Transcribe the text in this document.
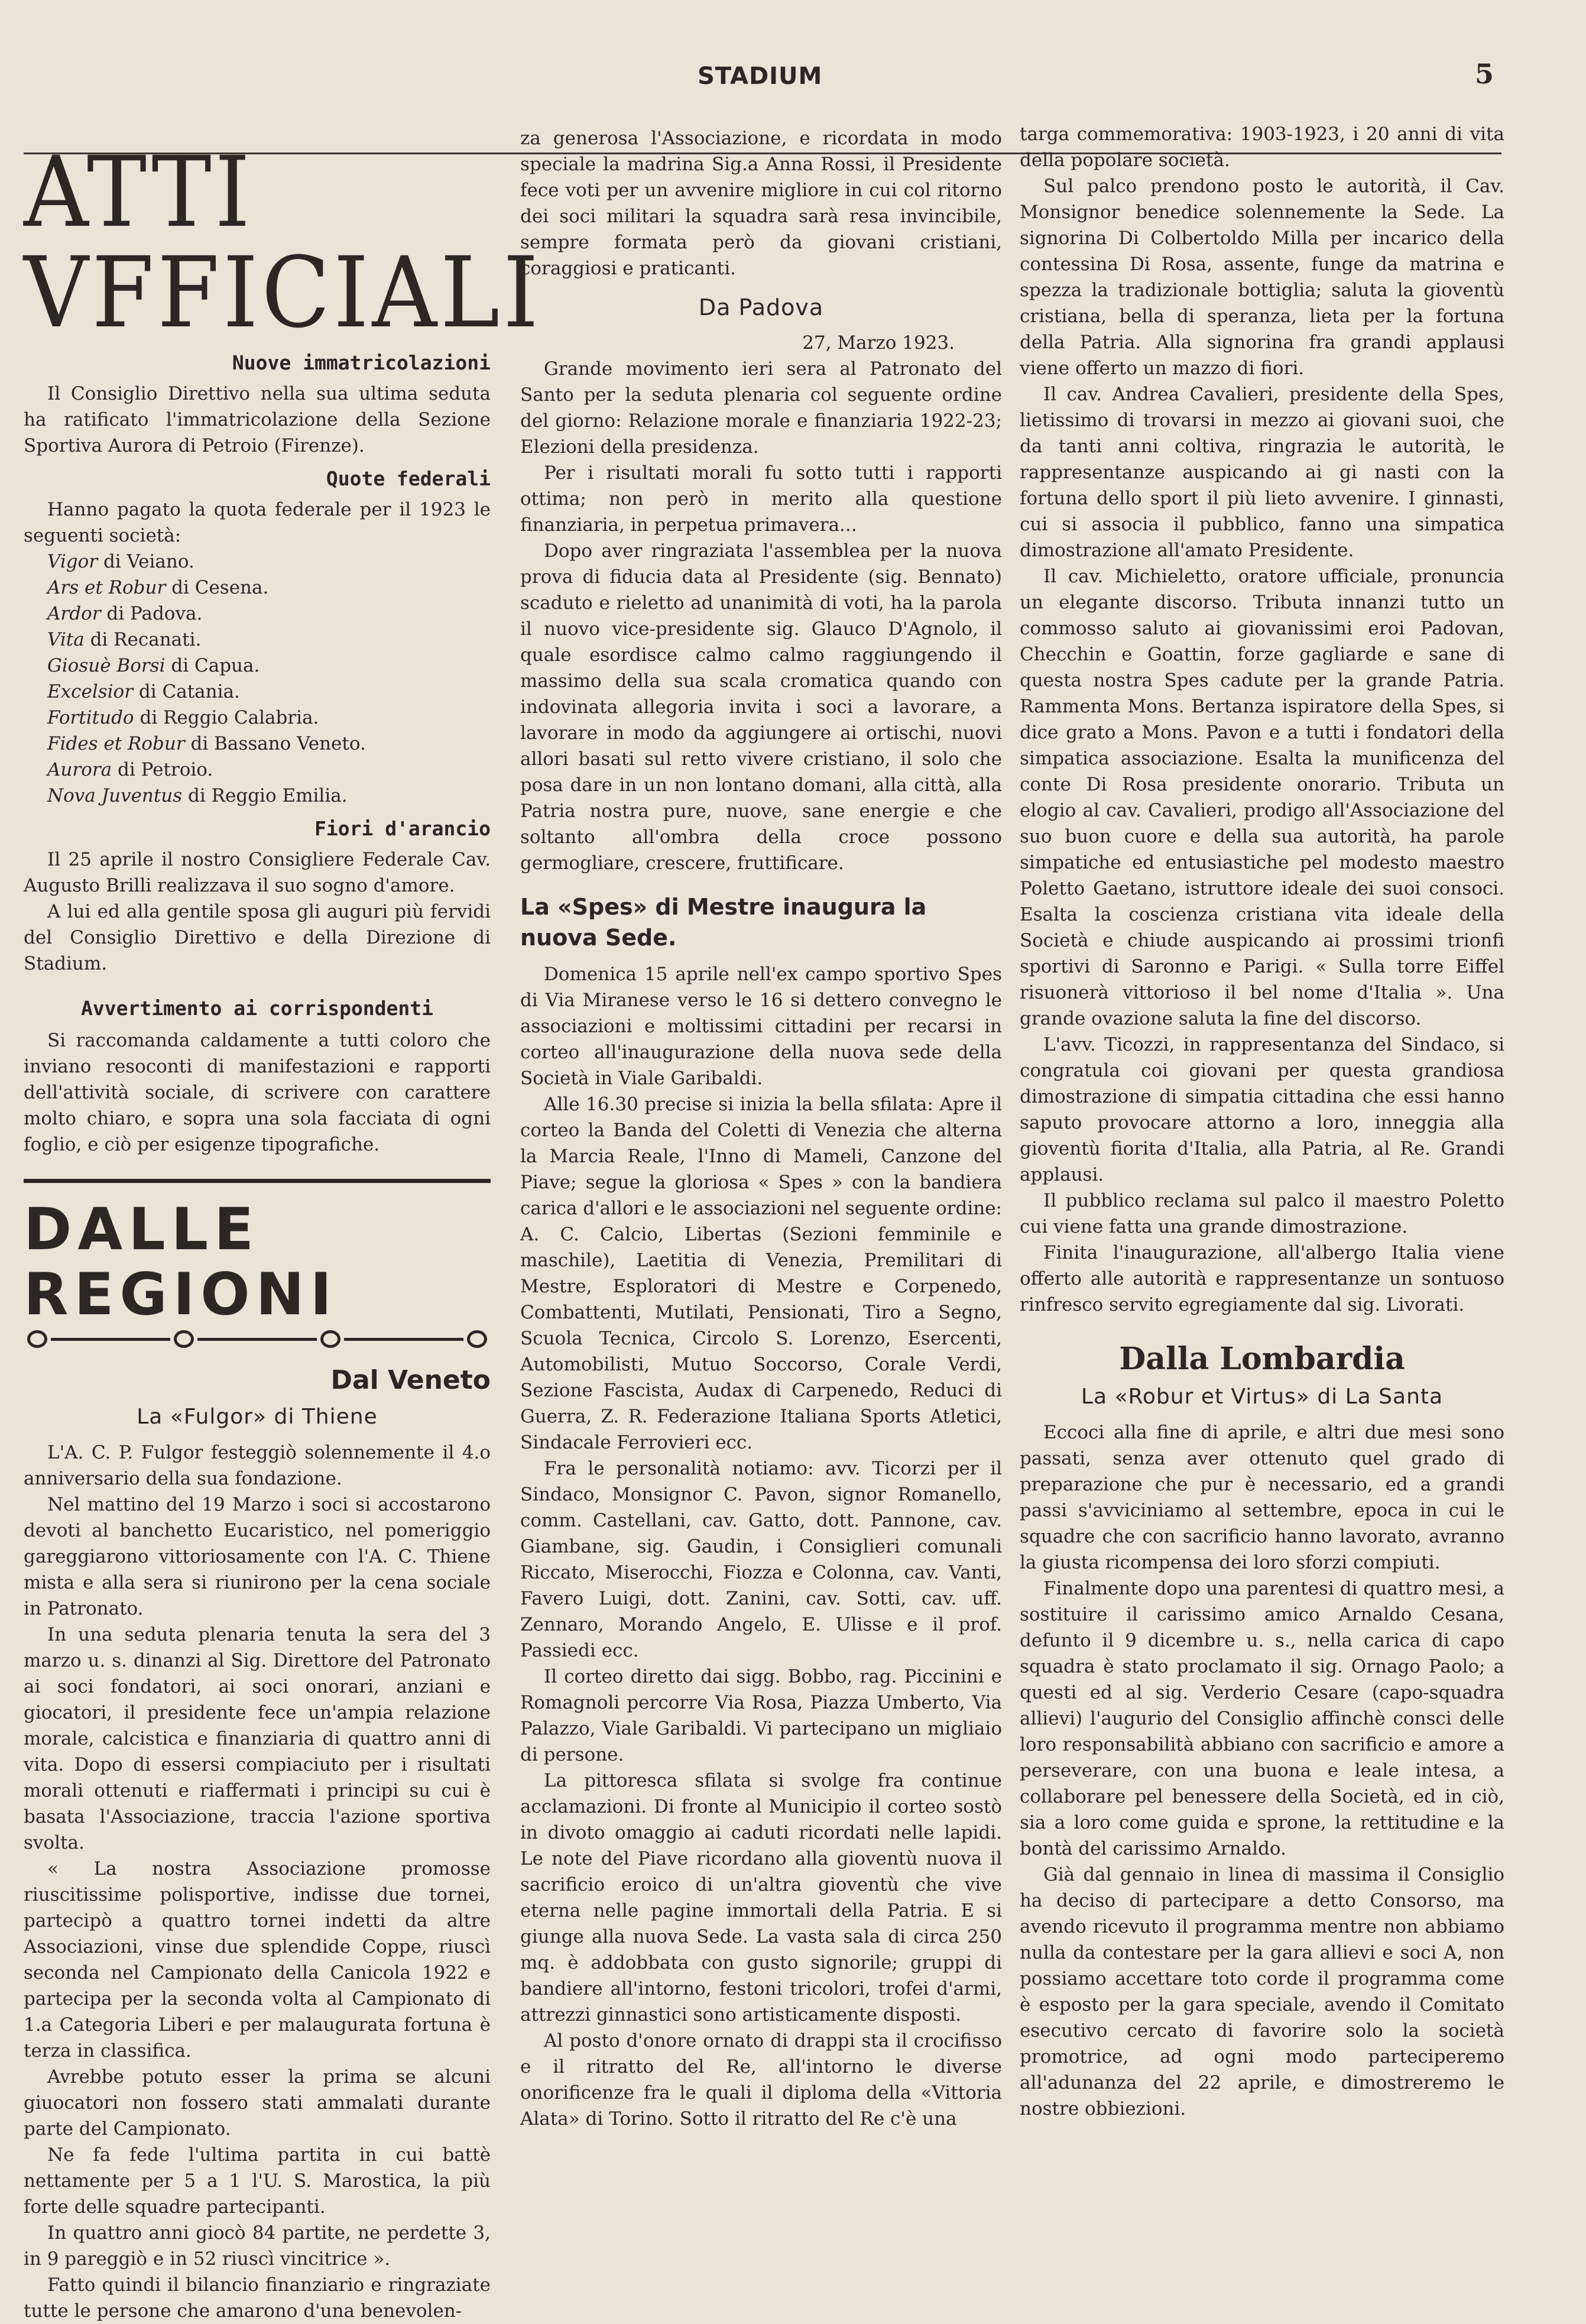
STADIUM	5
ATTI VFFICIALI
Nuove immatricolazioni

Il Consiglio Direttivo nella sua ultima seduta ha ratificato l'immatricolazione della Sezione Sportiva Aurora di Petroio (Firenze).

Quote federali

Hanno pagato la quota federale per il 1923 le seguenti società:

Vigor di Veiano.
Ars et Robur di Cesena.
Ardor di Padova.
Vita di Recanati.
Giosuè Borsi di Capua.
Excelsior di Catania.
Fortitudo di Reggio Calabria.
Fides et Robur di Bassano Veneto.
Aurora di Petroio.
Nova Juventus di Reggio Emilia.
Fiori d'arancio

Il 25 aprile il nostro Consigliere Federale Cav. Augusto Brilli realizzava il suo sogno d'amore.

A lui ed alla gentile sposa gli auguri più fervidi del Consiglio Direttivo e della Direzione di Stadium.

Avvertimento ai corrispondenti

Si raccomanda caldamente a tutti coloro che inviano resoconti di manifestazioni e rapporti dell'attività sociale, di scrivere con carattere molto chiaro, e sopra una sola facciata di ogni foglio, e ciò per esigenze tipografiche.

DALLE REGIONI
Dal Veneto
La «Fulgor» di Thiene

L'A. C. P. Fulgor festeggiò solennemente il 4.o anniversario della sua fondazione.

Nel mattino del 19 Marzo i soci si accostarono devoti al banchetto Eucaristico, nel pomeriggio gareggiarono vittoriosamente con l'A. C. Thiene mista e alla sera si riunirono per la cena sociale in Patronato.

In una seduta plenaria tenuta la sera del 3 marzo u. s. dinanzi al Sig. Direttore del Patronato ai soci fondatori, ai soci onorari, anziani e giocatori, il presidente fece un'ampia relazione morale, calcistica e finanziaria di quattro anni di vita. Dopo di essersi compiaciuto per i risultati morali ottenuti e riaffermati i principi su cui è basata l'Associazione, traccia l'azione sportiva svolta.

« La nostra Associazione promosse riuscitissime polisportive, indisse due tornei, partecipò a quattro tornei indetti da altre Associazioni, vinse due splendide Coppe, riuscì seconda nel Campionato della Canicola 1922 e partecipa per la seconda volta al Campionato di 1.a Categoria Liberi e per malaugurata fortuna è terza in classifica.

Avrebbe potuto esser la prima se alcuni giuocatori non fossero stati ammalati durante parte del Campionato.

Ne fa fede l'ultima partita in cui battè nettamente per 5 a 1 l'U. S. Marostica, la più forte delle squadre partecipanti.

In quattro anni giocò 84 partite, ne perdette 3, in 9 pareggiò e in 52 riuscì vincitrice ».

Fatto quindi il bilancio finanziario e ringraziate tutte le persone che amarono d'una benevolen-

za generosa l'Associazione, e ricordata in modo speciale la madrina Sig.a Anna Rossi, il Presidente fece voti per un avvenire migliore in cui col ritorno dei soci militari la squadra sarà resa invincibile, sempre formata però da giovani cristiani, coraggiosi e praticanti.

Da Padova

27, Marzo 1923.

Grande movimento ieri sera al Patronato del Santo per la seduta plenaria col seguente ordine del giorno: Relazione morale e finanziaria 1922-23; Elezioni della presidenza.

Per i risultati morali fu sotto tutti i rapporti ottima; non però in merito alla questione finanziaria, in perpetua primavera...

Dopo aver ringraziata l'assemblea per la nuova prova di fiducia data al Presidente (sig. Bennato) scaduto e rieletto ad unanimità di voti, ha la parola il nuovo vice-presidente sig. Glauco D'Agnolo, il quale esordisce calmo calmo raggiungendo il massimo della sua scala cromatica quando con indovinata allegoria invita i soci a lavorare, a lavorare in modo da aggiungere ai ortischi, nuovi allori basati sul retto vivere cristiano, il solo che posa dare in un non lontano domani, alla città, alla Patria nostra pure, nuove, sane energie e che soltanto all'ombra della croce possono germogliare, crescere, fruttificare.

La «Spes» di Mestre inaugura la nuova Sede.

Domenica 15 aprile nell'ex campo sportivo Spes di Via Miranese verso le 16 si dettero convegno le associazioni e moltissimi cittadini per recarsi in corteo all'inaugurazione della nuova sede della Società in Viale Garibaldi.

Alle 16.30 precise si inizia la bella sfilata: Apre il corteo la Banda del Coletti di Venezia che alterna la Marcia Reale, l'Inno di Mameli, Canzone del Piave; segue la gloriosa « Spes » con la bandiera carica d'allori e le associazioni nel seguente ordine: A. C. Calcio, Libertas (Sezioni femminile e maschile), Laetitia di Venezia, Premilitari di Mestre, Esploratori di Mestre e Corpenedo, Combattenti, Mutilati, Pensionati, Tiro a Segno, Scuola Tecnica, Circolo S. Lorenzo, Esercenti, Automobilisti, Mutuo Soccorso, Corale Verdi, Sezione Fascista, Audax di Carpenedo, Reduci di Guerra, Z. R. Federazione Italiana Sports Atletici, Sindacale Ferrovieri ecc.

Fra le personalità notiamo: avv. Ticorzi per il Sindaco, Monsignor C. Pavon, signor Romanello, comm. Castellani, cav. Gatto, dott. Pannone, cav. Giambane, sig. Gaudin, i Consiglieri comunali Riccato, Miserocchi, Fiozza e Colonna, cav. Vanti, Favero Luigi, dott. Zanini, cav. Sotti, cav. uff. Zennaro, Morando Angelo, E. Ulisse e il prof. Passiedi ecc.

Il corteo diretto dai sigg. Bobbo, rag. Piccinini e Romagnoli percorre Via Rosa, Piazza Umberto, Via Palazzo, Viale Garibaldi. Vi partecipano un migliaio di persone.

La pittoresca sfilata si svolge fra continue acclamazioni. Di fronte al Municipio il corteo sostò in divoto omaggio ai caduti ricordati nelle lapidi. Le note del Piave ricordano alla gioventù nuova il sacrificio eroico di un'altra gioventù che vive eterna nelle pagine immortali della Patria. E si giunge alla nuova Sede. La vasta sala di circa 250 mq. è addobbata con gusto signorile; gruppi di bandiere all'intorno, festoni tricolori, trofei d'armi, attrezzi ginnastici sono artisticamente disposti.

Al posto d'onore ornato di drappi sta il crocifisso e il ritratto del Re, all'intorno le diverse onorificenze fra le quali il diploma della «Vittoria Alata» di Torino. Sotto il ritratto del Re c'è una

targa commemorativa: 1903-1923, i 20 anni di vita della popolare società.

Sul palco prendono posto le autorità, il Cav. Monsignor benedice solennemente la Sede. La signorina Di Colbertoldo Milla per incarico della contessina Di Rosa, assente, funge da matrina e spezza la tradizionale bottiglia; saluta la gioventù cristiana, bella di speranza, lieta per la fortuna della Patria. Alla signorina fra grandi applausi viene offerto un mazzo di fiori.

Il cav. Andrea Cavalieri, presidente della Spes, lietissimo di trovarsi in mezzo ai giovani suoi, che da tanti anni coltiva, ringrazia le autorità, le rappresentanze auspicando ai gi nasti con la fortuna dello sport il più lieto avvenire. I ginnasti, cui si associa il pubblico, fanno una simpatica dimostrazione all'amato Presidente.

Il cav. Michieletto, oratore ufficiale, pronuncia un elegante discorso. Tributa innanzi tutto un commosso saluto ai giovanissimi eroi Padovan, Checchin e Goattin, forze gagliarde e sane di questa nostra Spes cadute per la grande Patria. Rammenta Mons. Bertanza ispiratore della Spes, si dice grato a Mons. Pavon e a tutti i fondatori della simpatica associazione. Esalta la munificenza del conte Di Rosa presidente onorario. Tributa un elogio al cav. Cavalieri, prodigo all'Associazione del suo buon cuore e della sua autorità, ha parole simpatiche ed entusiastiche pel modesto maestro Poletto Gaetano, istruttore ideale dei suoi consoci. Esalta la coscienza cristiana vita ideale della Società e chiude auspicando ai prossimi trionfi sportivi di Saronno e Parigi. « Sulla torre Eiffel risuonerà vittorioso il bel nome d'Italia ». Una grande ovazione saluta la fine del discorso.

L'avv. Ticozzi, in rappresentanza del Sindaco, si congratula coi giovani per questa grandiosa dimostrazione di simpatia cittadina che essi hanno saputo provocare attorno a loro, inneggia alla gioventù fiorita d'Italia, alla Patria, al Re. Grandi applausi.

Il pubblico reclama sul palco il maestro Poletto cui viene fatta una grande dimostrazione.

Finita l'inaugurazione, all'albergo Italia viene offerto alle autorità e rappresentanze un sontuoso rinfresco servito egregiamente dal sig. Livorati.

Dalla Lombardia
La «Robur et Virtus» di La Santa

Eccoci alla fine di aprile, e altri due mesi sono passati, senza aver ottenuto quel grado di preparazione che pur è necessario, ed a grandi passi s'avviciniamo al settembre, epoca in cui le squadre che con sacrificio hanno lavorato, avranno la giusta ricompensa dei loro sforzi compiuti.

Finalmente dopo una parentesi di quattro mesi, a sostituire il carissimo amico Arnaldo Cesana, defunto il 9 dicembre u. s., nella carica di capo squadra è stato proclamato il sig. Ornago Paolo; a questi ed al sig. Verderio Cesare (capo-squadra allievi) l'augurio del Consiglio affinchè consci delle loro responsabilità abbiano con sacrificio e amore a perseverare, con una buona e leale intesa, a collaborare pel benessere della Società, ed in ciò, sia a loro come guida e sprone, la rettitudine e la bontà del carissimo Arnaldo.

Già dal gennaio in linea di massima il Consiglio ha deciso di partecipare a detto Consorso, ma avendo ricevuto il programma mentre non abbiamo nulla da contestare per la gara allievi e soci A, non possiamo accettare toto corde il programma come è esposto per la gara speciale, avendo il Comitato esecutivo cercato di favorire solo la società promotrice, ad ogni modo parteciperemo all'adunanza del 22 aprile, e dimostreremo le nostre obbiezioni.
